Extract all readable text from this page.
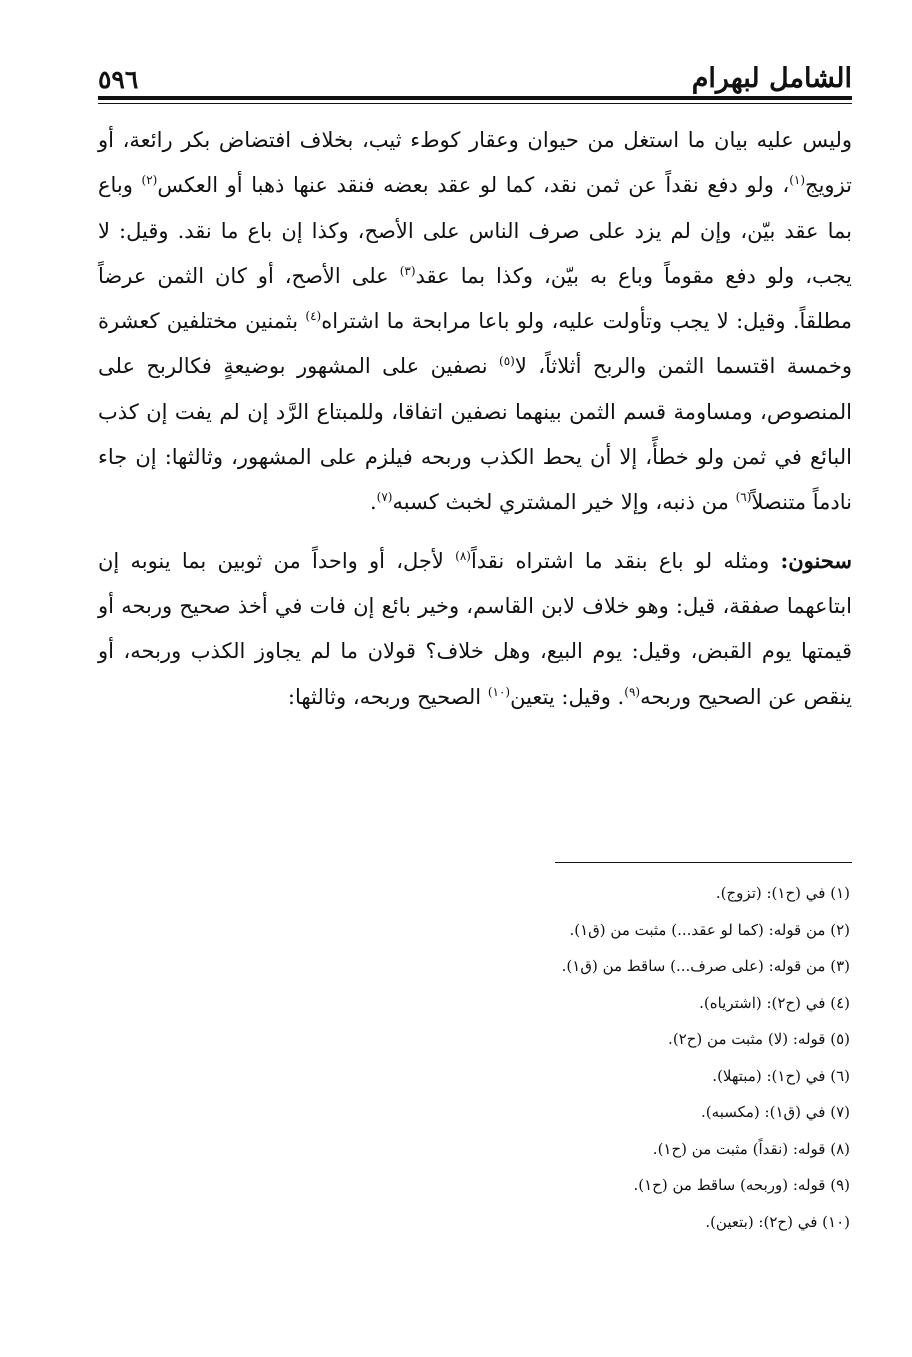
الشامل لبهرام
٥٩٦

وليس عليه بيان ما استغل من حيوان وعقار كوطء ثيب، بخلاف افتضاض بكر رائعة، أو تزويج$^{(١)}$، ولو دفع نقداً عن ثمن نقد، كما لو عقد بعضه فنقد عنها ذهبا أو العكس$^{(٢)}$ وباع بما عقد بيّن، وإن لم يزد على صرف الناس على الأصح، وكذا إن باع ما نقد. وقيل: لا يجب، ولو دفع مقوماً وباع به بيّن، وكذا بما عقد$^{(٣)}$ على الأصح، أو كان الثمن عرضاً مطلقاً. وقيل: لا يجب وتأولت عليه، ولو باعا مرابحة ما اشتراه$^{(٤)}$ بثمنين مختلفين كعشرة وخمسة اقتسما الثمن والربح أثلاثاً، لا$^{(٥)}$ نصفين على المشهور بوضيعةٍ فكالربح على المنصوص، ومساومة قسم الثمن بينهما نصفين اتفاقا، وللمبتاع الرَّد إن لم يفت إن كذب البائع في ثمن ولو خطأً، إلا أن يحط الكذب وربحه فيلزم على المشهور، وثالثها: إن جاء نادماً متنصلاً$^{(٦)}$ من ذنبه، وإلا خير المشتري لخبث كسبه$^{(٧)}$.

سحنون: ومثله لو باع بنقد ما اشتراه نقداً$^{(٨)}$ لأجل، أو واحداً من ثوبين بما ينوبه إن ابتاعهما صفقة، قيل: وهو خلاف لابن القاسم، وخير بائع إن فات في أخذ صحيح وربحه أو قيمتها يوم القبض، وقيل: يوم البيع، وهل خلاف؟ قولان ما لم يجاوز الكذب وربحه، أو ينقص عن الصحيح وربحه$^{(٩)}$. وقيل: يتعين$^{(١٠)}$ الصحيح وربحه، وثالثها:

(١) في (ح١): (تزوج).
(٢) من قوله: (كما لو عقد...) مثبت من (ق١).
(٣) من قوله: (على صرف...) ساقط من (ق١).
(٤) في (ح٢): (اشترياه).
(٥) قوله: (لا) مثبت من (ح٢).
(٦) في (ح١): (مبتهلا).
(٧) في (ق١): (مكسبه).
(٨) قوله: (نقداً) مثبت من (ح١).
(٩) قوله: (وربحه) ساقط من (ح١).
(١٠) في (ح٢): (بتعين).
